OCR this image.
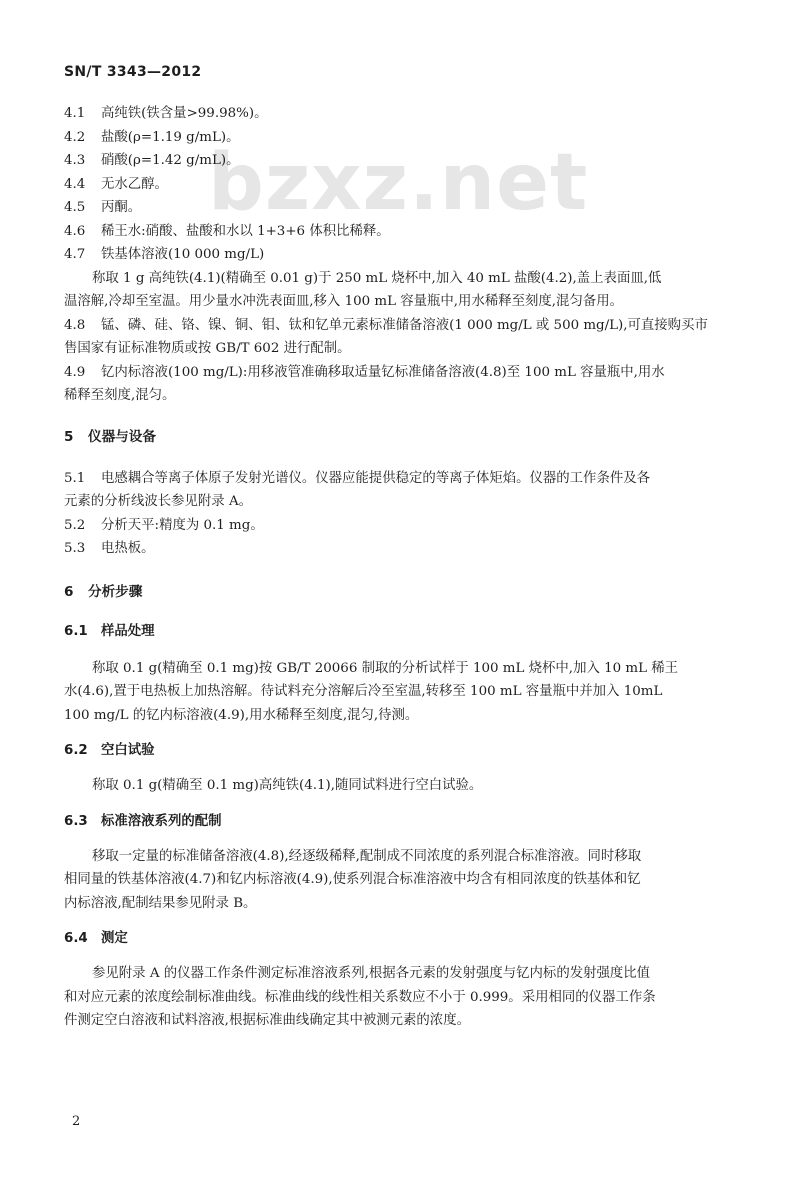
SN/T 3343—2012
bzxz.net
4.1 高纯铁(铁含量>99.98%)。
4.2 盐酸(ρ=1.19 g/mL)。
4.3 硝酸(ρ=1.42 g/mL)。
4.4 无水乙醇。
4.5 丙酮。
4.6 稀王水:硝酸、盐酸和水以 1+3+6 体积比稀释。
4.7 铁基体溶液(10 000 mg/L)
称取 1 g 高纯铁(4.1)(精确至 0.01 g)于 250 mL 烧杯中,加入 40 mL 盐酸(4.2),盖上表面皿,低
温溶解,冷却至室温。用少量水冲洗表面皿,移入 100 mL 容量瓶中,用水稀释至刻度,混匀备用。
4.8 锰、磷、硅、铬、镍、铜、钼、钛和钇单元素标准储备溶液(1 000 mg/L 或 500 mg/L),可直接购买市
售国家有证标准物质或按 GB/T 602 进行配制。
4.9 钇内标溶液(100 mg/L):用移液管准确移取适量钇标准储备溶液(4.8)至 100 mL 容量瓶中,用水
稀释至刻度,混匀。
5 仪器与设备
5.1 电感耦合等离子体原子发射光谱仪。仪器应能提供稳定的等离子体矩焰。仪器的工作条件及各
元素的分析线波长参见附录 A。
5.2 分析天平:精度为 0.1 mg。
5.3 电热板。
6 分析步骤
6.1 样品处理
称取 0.1 g(精确至 0.1 mg)按 GB/T 20066 制取的分析试样于 100 mL 烧杯中,加入 10 mL 稀王
水(4.6),置于电热板上加热溶解。待试料充分溶解后冷至室温,转移至 100 mL 容量瓶中并加入 10mL
100 mg/L 的钇内标溶液(4.9),用水稀释至刻度,混匀,待测。
6.2 空白试验
称取 0.1 g(精确至 0.1 mg)高纯铁(4.1),随同试料进行空白试验。
6.3 标准溶液系列的配制
移取一定量的标准储备溶液(4.8),经逐级稀释,配制成不同浓度的系列混合标准溶液。同时移取
相同量的铁基体溶液(4.7)和钇内标溶液(4.9),使系列混合标准溶液中均含有相同浓度的铁基体和钇
内标溶液,配制结果参见附录 B。
6.4 测定
参见附录 A 的仪器工作条件测定标准溶液系列,根据各元素的发射强度与钇内标的发射强度比值
和对应元素的浓度绘制标准曲线。标准曲线的线性相关系数应不小于 0.999。采用相同的仪器工作条
件测定空白溶液和试料溶液,根据标准曲线确定其中被测元素的浓度。
2
